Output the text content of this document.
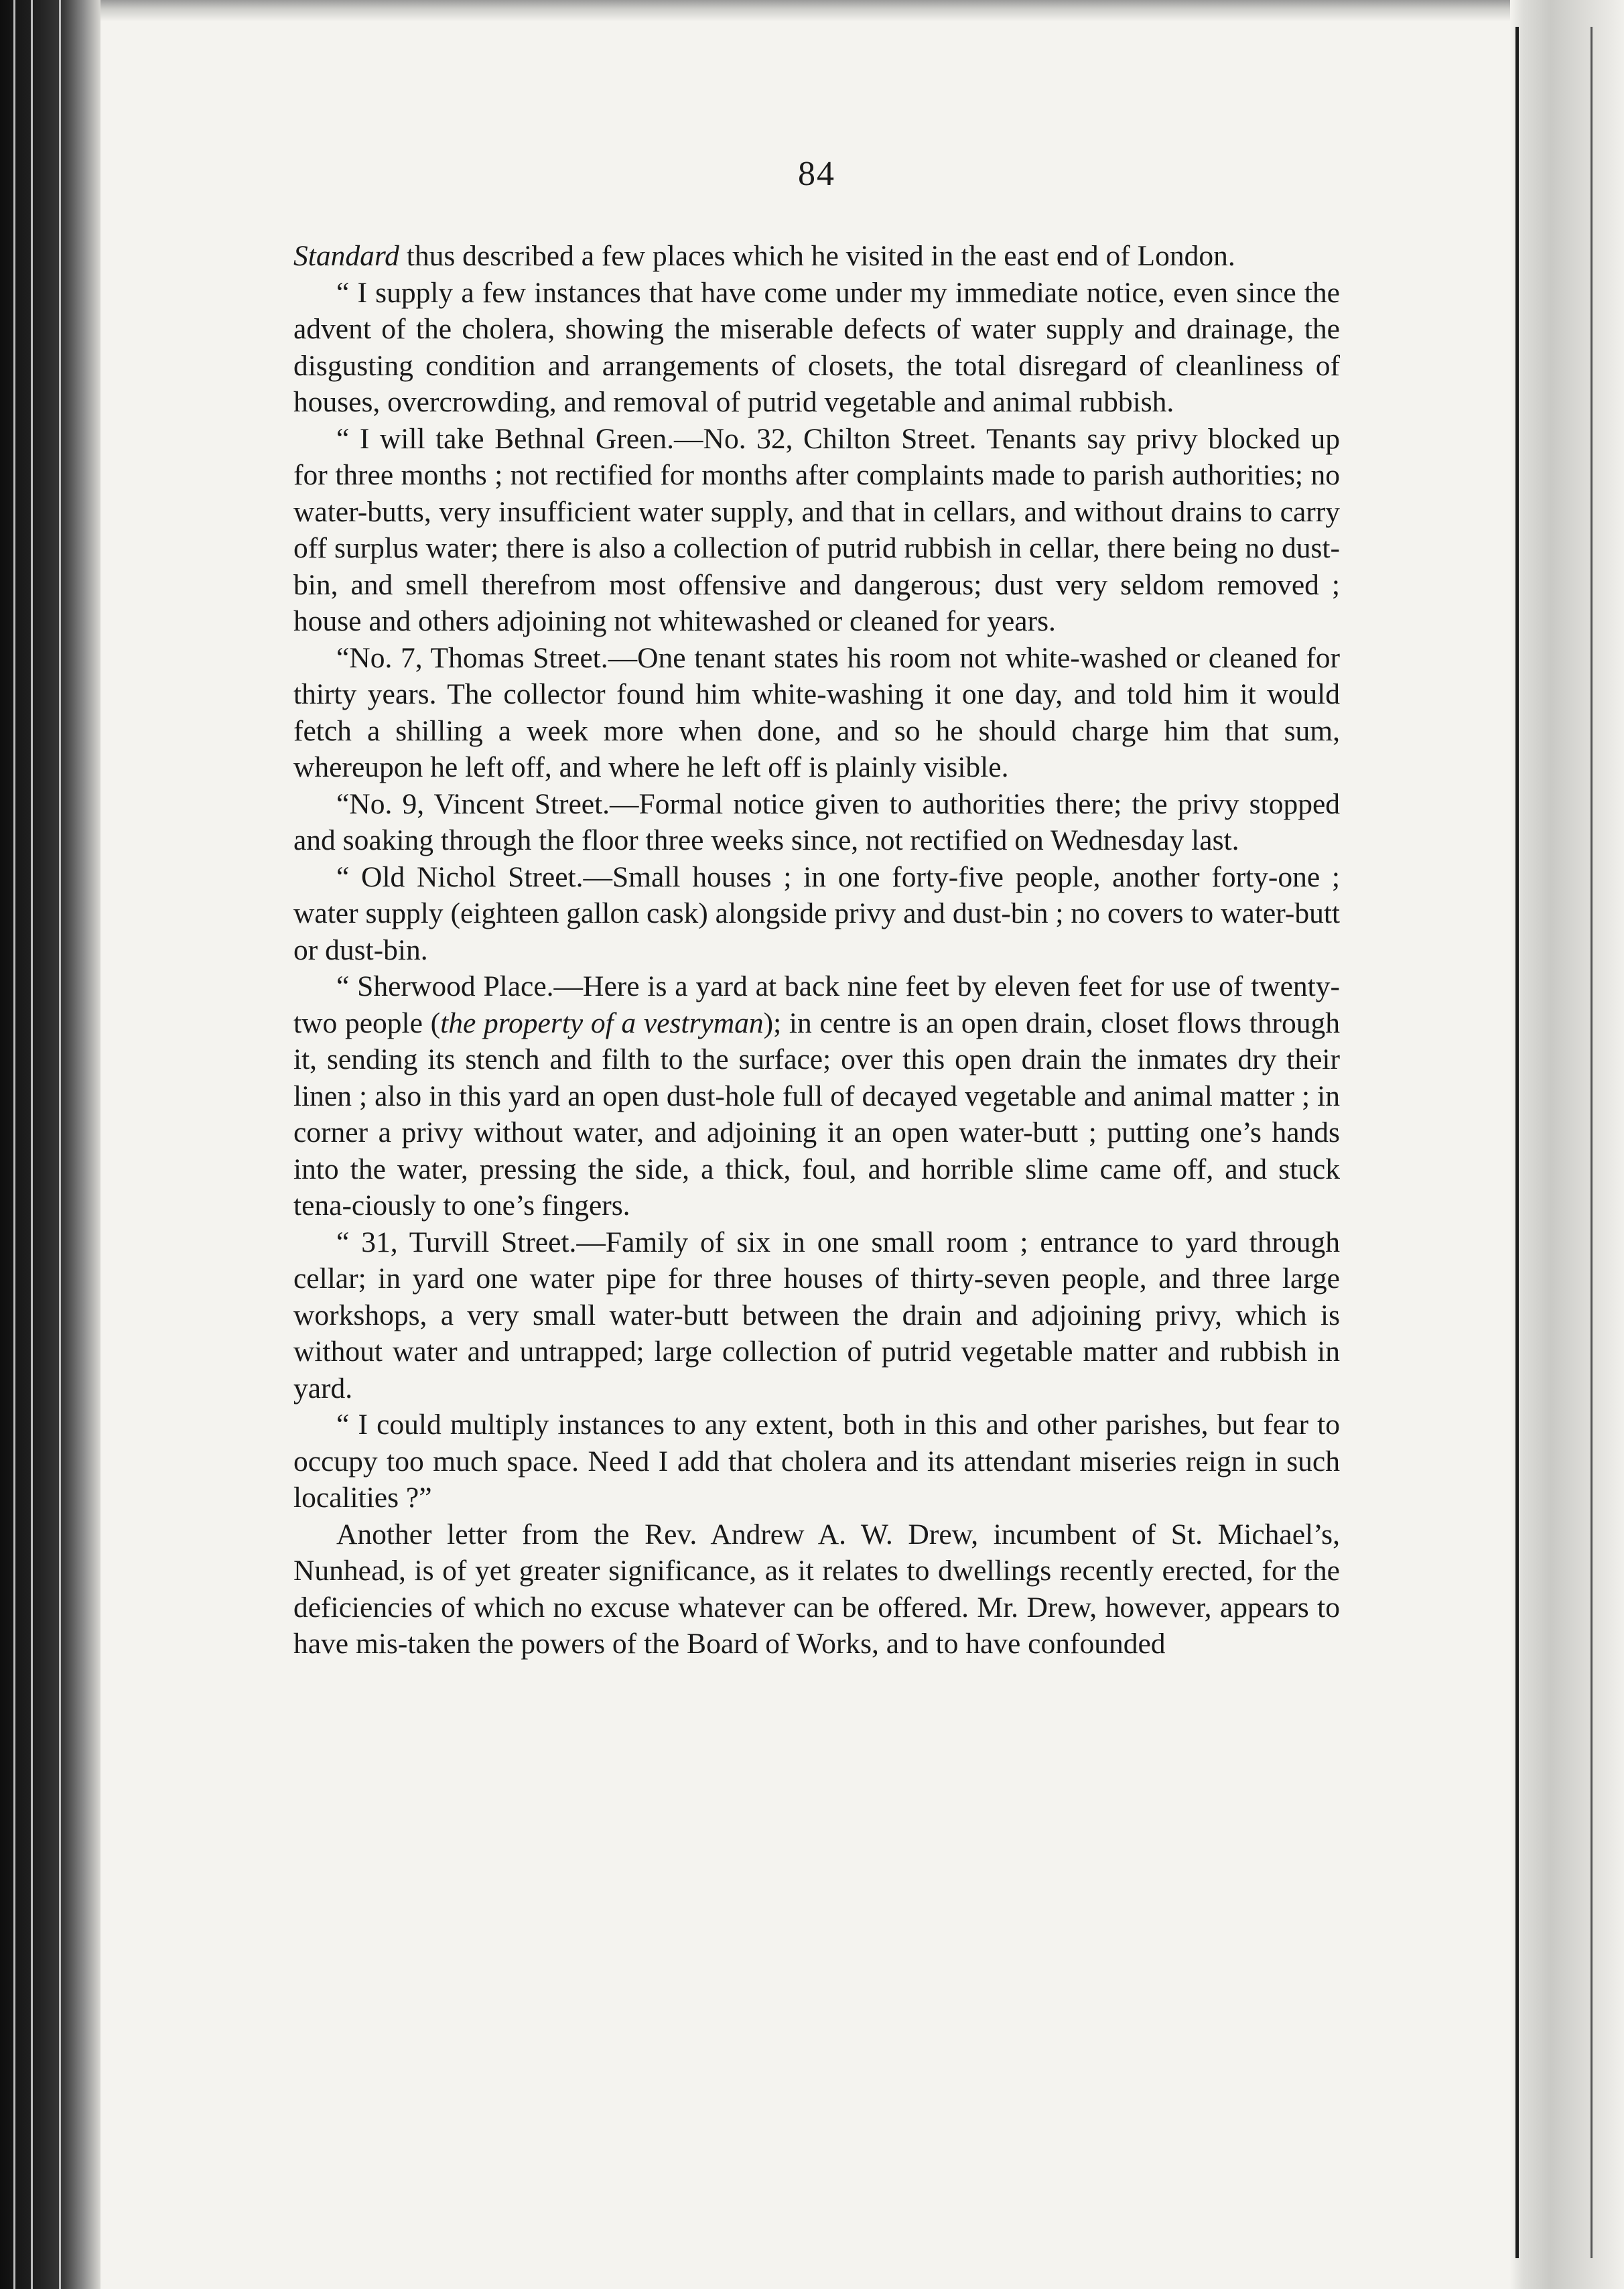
84

Standard thus described a few places which he visited in the east end of London.

“ I supply a few instances that have come under my immediate notice, even since the advent of the cholera, showing the miserable defects of water supply and drainage, the disgusting condition and arrangements of closets, the total disregard of cleanliness of houses, overcrowding, and removal of putrid vegetable and animal rubbish.

“ I will take Bethnal Green.—No. 32, Chilton Street. Tenants say privy blocked up for three months ; not rectified for months after complaints made to parish authorities; no water-butts, very insufficient water supply, and that in cellars, and without drains to carry off surplus water; there is also a collection of putrid rubbish in cellar, there being no dust-bin, and smell therefrom most offensive and dangerous; dust very seldom removed ; house and others adjoining not whitewashed or cleaned for years.

“No. 7, Thomas Street.—One tenant states his room not white-washed or cleaned for thirty years. The collector found him white-washing it one day, and told him it would fetch a shilling a week more when done, and so he should charge him that sum, whereupon he left off, and where he left off is plainly visible.

“No. 9, Vincent Street.—Formal notice given to authorities there; the privy stopped and soaking through the floor three weeks since, not rectified on Wednesday last.

“ Old Nichol Street.—Small houses ; in one forty-five people, another forty-one ; water supply (eighteen gallon cask) alongside privy and dust-bin ; no covers to water-butt or dust-bin.

“ Sherwood Place.—Here is a yard at back nine feet by eleven feet for use of twenty-two people (the property of a vestryman); in centre is an open drain, closet flows through it, sending its stench and filth to the surface; over this open drain the inmates dry their linen ; also in this yard an open dust-hole full of decayed vegetable and animal matter ; in corner a privy without water, and adjoining it an open water-butt ; putting one’s hands into the water, pressing the side, a thick, foul, and horrible slime came off, and stuck tena-ciously to one’s fingers.

“ 31, Turvill Street.—Family of six in one small room ; entrance to yard through cellar; in yard one water pipe for three houses of thirty-seven people, and three large workshops, a very small water-butt between the drain and adjoining privy, which is without water and untrapped; large collection of putrid vegetable matter and rubbish in yard.

“ I could multiply instances to any extent, both in this and other parishes, but fear to occupy too much space. Need I add that cholera and its attendant miseries reign in such localities ?”

Another letter from the Rev. Andrew A. W. Drew, incumbent of St. Michael’s, Nunhead, is of yet greater significance, as it relates to dwellings recently erected, for the deficiencies of which no excuse whatever can be offered. Mr. Drew, however, appears to have mis-taken the powers of the Board of Works, and to have confounded
